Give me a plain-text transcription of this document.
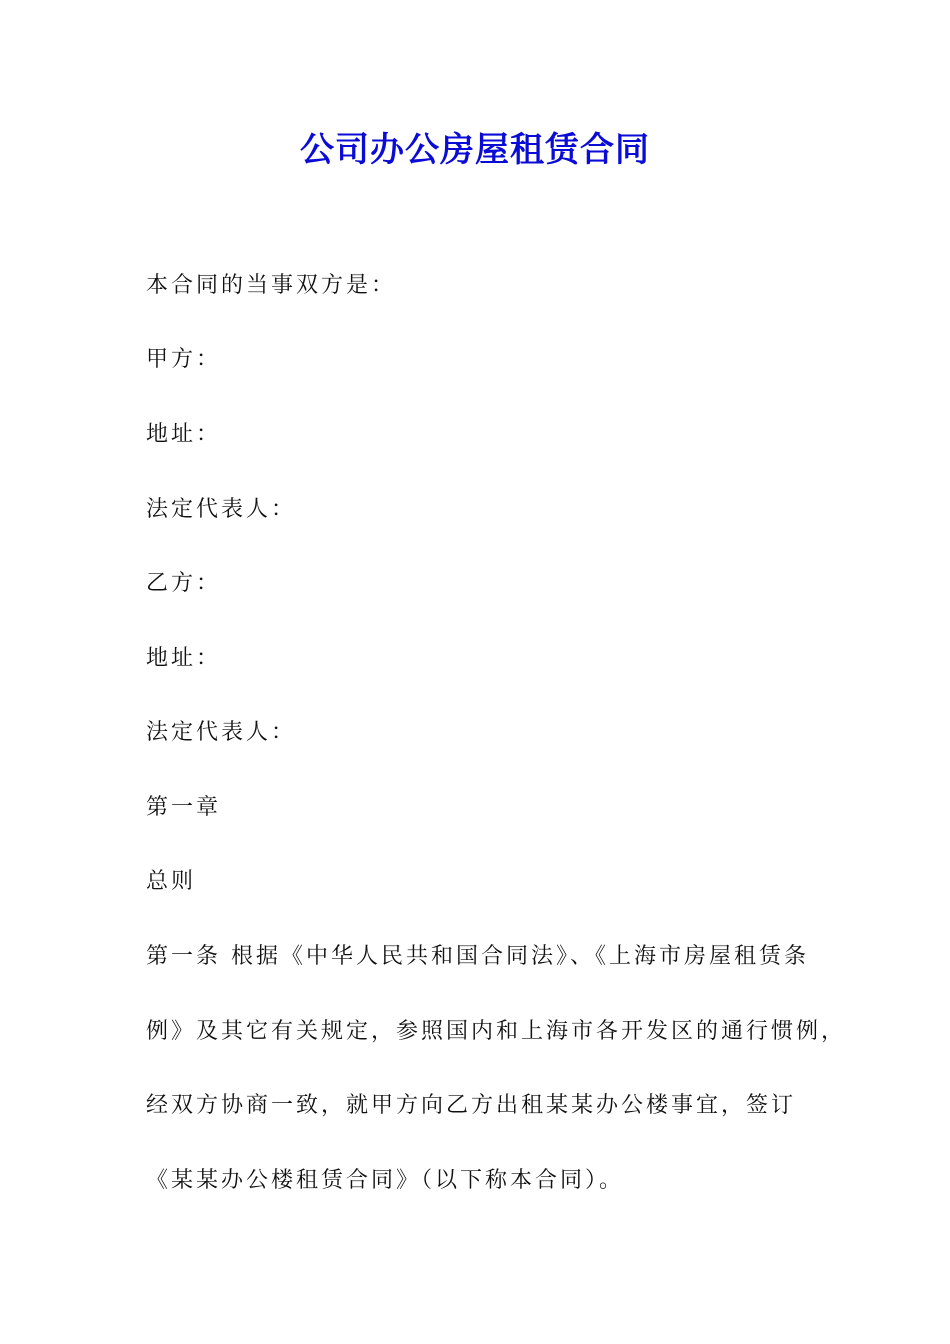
公司办公房屋租赁合同
本合同的当事双方是：
甲方：
地址：
法定代表人：
乙方：
地址：
法定代表人：
第一章
总则
第一条 根据《中华人民共和国合同法》、《上海市房屋租赁条
例》及其它有关规定，参照国内和上海市各开发区的通行惯例，
经双方协商一致，就甲方向乙方出租某某办公楼事宜，签订
《某某办公楼租赁合同》（以下称本合同）。
